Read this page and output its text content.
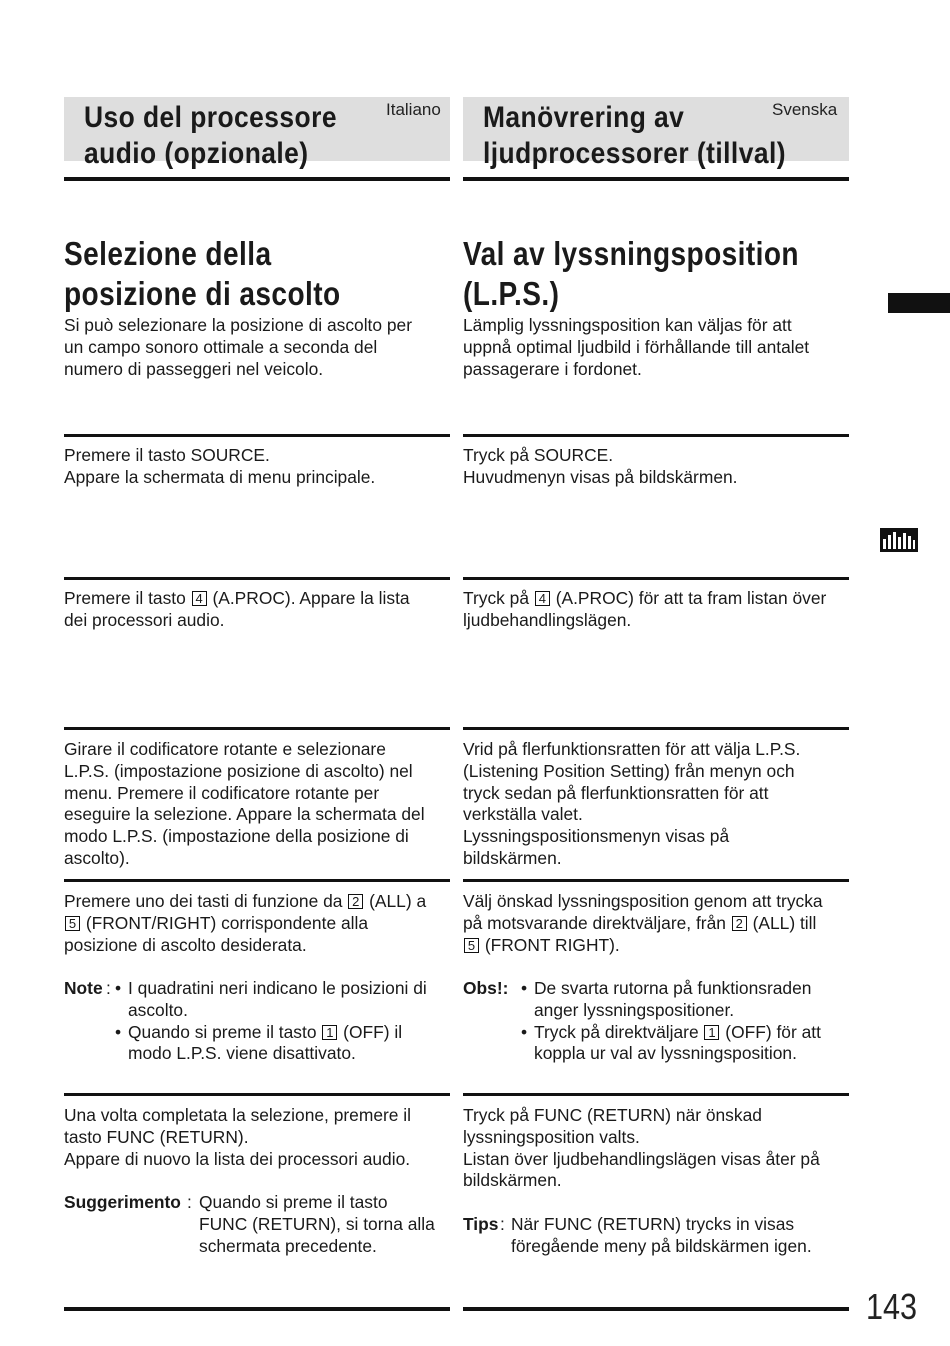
Uso del processore
audio (opzionale)
Italiano Manövrering av
ljudprocessorer (tillval)
Svenska
Selezione della
posizione di ascolto
Val av lyssningsposition
(L.P.S.)
Si può selezionare la posizione di ascolto per
un campo sonoro ottimale a seconda del
numero di passeggeri nel veicolo.
Lämplig lyssningsposition kan väljas för att
uppnå optimal ljudbild i förhållande till antalet
passagerare i fordonet.
Premere il tasto SOURCE.
Appare la schermata di menu principale.
Tryck på SOURCE.
Huvudmenyn visas på bildskärmen.
Premere il tasto 4 (A.PROC). Appare la lista
dei processori audio.
Tryck på 4 (A.PROC) för att ta fram listan över
ljudbehandlingslägen.
Girare il codificatore rotante e selezionare
L.P.S. (impostazione posizione di ascolto) nel
menu. Premere il codificatore rotante per
eseguire la selezione. Appare la schermata del
modo L.P.S. (impostazione della posizione di
ascolto).
Vrid på flerfunktionsratten för att välja L.P.S.
(Listening Position Setting) från menyn och
tryck sedan på flerfunktionsratten för att
verkställa valet.
Lyssningspositionsmenyn visas på
bildskärmen.
Premere uno dei tasti di funzione da 2 (ALL) a
5 (FRONT/RIGHT) corrispondente alla
posizione di ascolto desiderata.
Välj önskad lyssningsposition genom att trycka
på motsvarande direktväljare, från 2 (ALL) till
5 (FRONT RIGHT).
Note : • I quadratini neri indicano le posizioni di
ascolto.
• Quando si preme il tasto 1 (OFF) il
modo L.P.S. viene disattivato.
Obs!: • De svarta rutorna på funktionsraden
anger lyssningspositioner.
• Tryck på direktväljare 1 (OFF) för att
koppla ur val av lyssningsposition.
Una volta completata la selezione, premere il
tasto FUNC (RETURN).
Appare di nuovo la lista dei processori audio.
Tryck på FUNC (RETURN) när önskad
lyssningsposition valts.
Listan över ljudbehandlingslägen visas åter på
bildskärmen.
Suggerimento : Quando si preme il tasto
FUNC (RETURN), si torna alla
schermata precedente.
Tips : När FUNC (RETURN) trycks in visas
föregående meny på bildskärmen igen.
143
